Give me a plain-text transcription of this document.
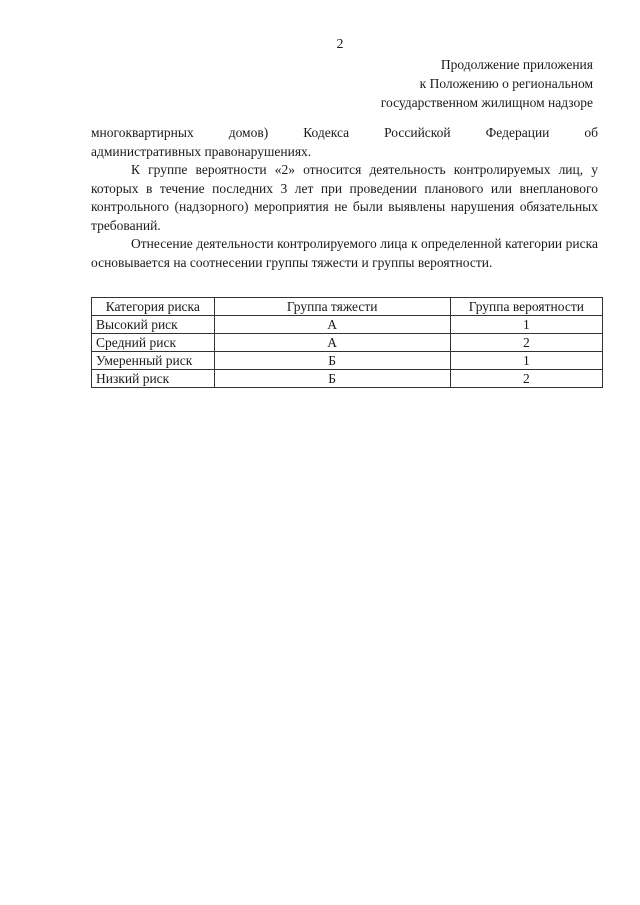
2
Продолжение приложения
к Положению о региональном
государственном жилищном надзоре

многоквартирных домов) Кодекса Российской Федерации об

административных правонарушениях.

К группе вероятности «2» относится деятельность контролируемых лиц, у которых в течение последних 3 лет при проведении планового или внепланового контрольного (надзорного) мероприятия не были выявлены нарушения обязательных требований.

Отнесение деятельности контролируемого лица к определенной категории риска основывается на соотнесении группы тяжести и группы вероятности.

Категория риска	Группа тяжести	Группа вероятности
Высокий риск	А	1
Средний риск	А	2
Умеренный риск	Б	1
Низкий риск	Б	2
